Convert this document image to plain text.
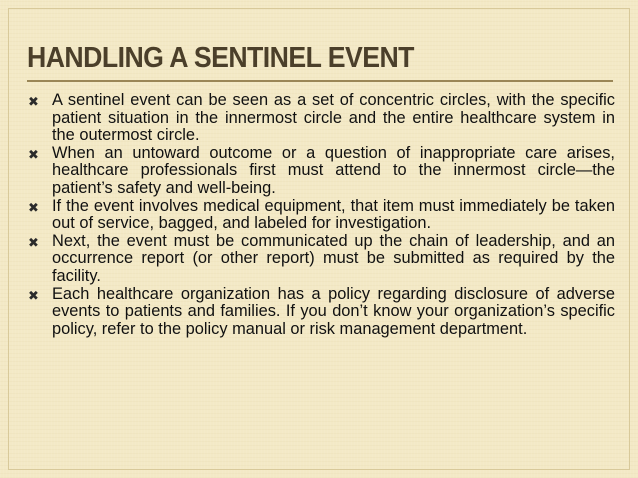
HANDLING A SENTINEL EVENT
✖ A sentinel event can be seen as a set of concentric circles, with the specific patient situation in the innermost circle and the entire healthcare system in the outermost circle.
✖ When an untoward outcome or a question of inappropriate care arises, healthcare professionals first must attend to the innermost circle—the patient’s safety and well-being.
✖ If the event involves medical equipment, that item must immediately be taken out of service, bagged, and labeled for investigation.
✖ Next, the event must be communicated up the chain of leadership, and an occurrence report (or other report) must be submitted as required by the facility.
✖ Each healthcare organization has a policy regarding disclosure of adverse events to patients and families. If you don’t know your organization’s specific policy, refer to the policy manual or risk management department.
